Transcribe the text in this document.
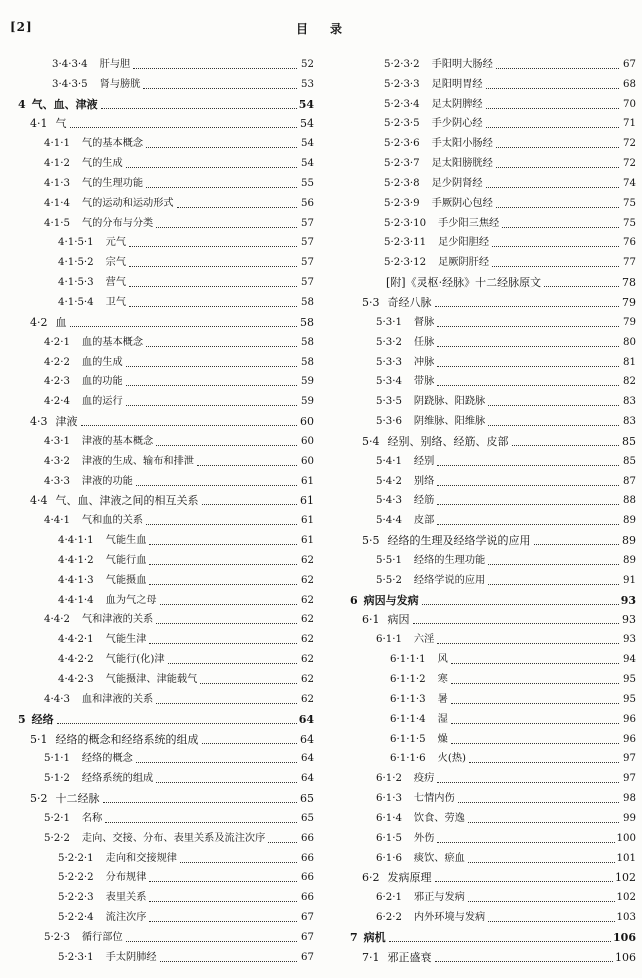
[2]	目录
3·4·3·4 肝与胆	52
3·4·3·5 肾与膀胱	53
4 气、血、津液	54
4·1 气	54
4·1·1 气的基本概念	54
4·1·2 气的生成	54
4·1·3 气的生理功能	55
4·1·4 气的运动和运动形式	56
4·1·5 气的分布与分类	57
4·1·5·1 元气	57
4·1·5·2 宗气	57
4·1·5·3 营气	57
4·1·5·4 卫气	58
4·2 血	58
4·2·1 血的基本概念	58
4·2·2 血的生成	58
4·2·3 血的功能	59
4·2·4 血的运行	59
4·3 津液	60
4·3·1 津液的基本概念	60
4·3·2 津液的生成、输布和排泄	60
4·3·3 津液的功能	61
4·4 气、血、津液之间的相互关系	61
4·4·1 气和血的关系	61
4·4·1·1 气能生血	61
4·4·1·2 气能行血	62
4·4·1·3 气能摄血	62
4·4·1·4 血为气之母	62
4·4·2 气和津液的关系	62
4·4·2·1 气能生津	62
4·4·2·2 气能行(化)津	62
4·4·2·3 气能摄津、津能载气	62
4·4·3 血和津液的关系	62
5 经络	64
5·1 经络的概念和经络系统的组成	64
5·1·1 经络的概念	64
5·1·2 经络系统的组成	64
5·2 十二经脉	65
5·2·1 名称	65
5·2·2 走向、交接、分布、表里关系及流注次序	66
5·2·2·1 走向和交接规律	66
5·2·2·2 分布规律	66
5·2·2·3 表里关系	66
5·2·2·4 流注次序	67
5·2·3 循行部位	67
5·2·3·1 手太阴肺经	67
5·2·3·2 手阳明大肠经	67
5·2·3·3 足阳明胃经	68
5·2·3·4 足太阴脾经	70
5·2·3·5 手少阴心经	71
5·2·3·6 手太阳小肠经	72
5·2·3·7 足太阳膀胱经	72
5·2·3·8 足少阴肾经	74
5·2·3·9 手厥阴心包经	75
5·2·3·10 手少阳三焦经	75
5·2·3·11 足少阳胆经	76
5·2·3·12 足厥阴肝经	77
[附]《灵枢·经脉》十二经脉原文	78
5·3 奇经八脉	79
5·3·1 督脉	79
5·3·2 任脉	80
5·3·3 冲脉	81
5·3·4 带脉	82
5·3·5 阴跷脉、阳跷脉	83
5·3·6 阴维脉、阳维脉	83
5·4 经别、别络、经筋、皮部	85
5·4·1 经别	85
5·4·2 别络	87
5·4·3 经筋	88
5·4·4 皮部	89
5·5 经络的生理及经络学说的应用	89
5·5·1 经络的生理功能	89
5·5·2 经络学说的应用	91
6 病因与发病	93
6·1 病因	93
6·1·1 六淫	93
6·1·1·1 风	94
6·1·1·2 寒	95
6·1·1·3 暑	95
6·1·1·4 湿	96
6·1·1·5 燥	96
6·1·1·6 火(热)	97
6·1·2 疫疠	97
6·1·3 七情内伤	98
6·1·4 饮食、劳逸	99
6·1·5 外伤	100
6·1·6 痰饮、瘀血	101
6·2 发病原理	102
6·2·1 邪正与发病	102
6·2·2 内外环境与发病	103
7 病机	106
7·1 邪正盛衰	106
